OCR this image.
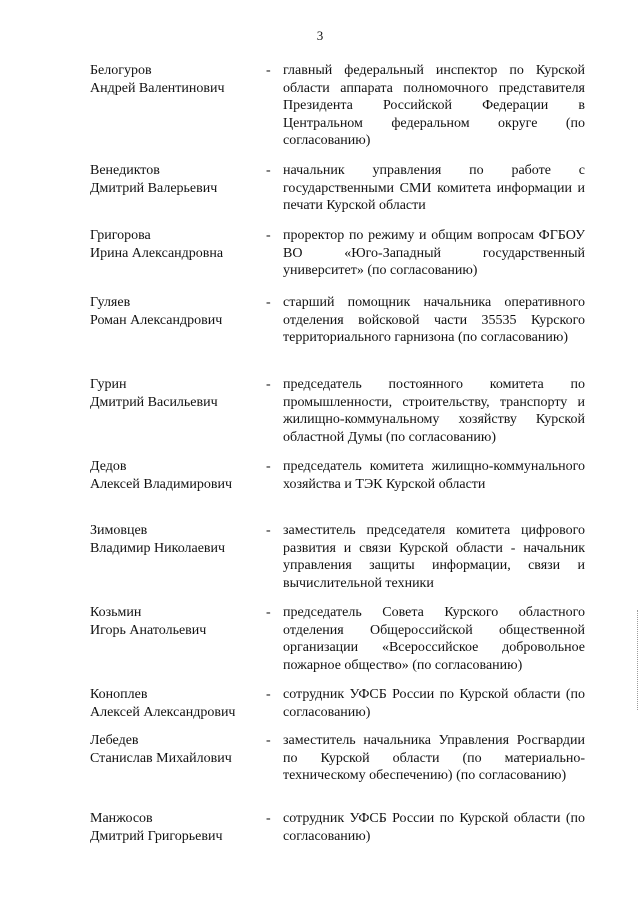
3
Белогуров
Андрей Валентинович
- главный федеральный инспектор по Курской области аппарата полномочного представителя Президента Российской Федерации в Центральном федеральном округе (по согласованию)
Венедиктов
Дмитрий Валерьевич
- начальник управления по работе с государственными СМИ комитета информации и печати Курской области
Григорова
Ирина Александровна
- проректор по режиму и общим вопросам ФГБОУ ВО «Юго-Западный государственный университет» (по согласованию)
Гуляев
Роман Александрович
- старший помощник начальника оперативного отделения войсковой части 35535 Курского территориального гарнизона (по согласованию)
Гурин
Дмитрий Васильевич
- председатель постоянного комитета по промышленности, строительству, транспорту и жилищно-коммунальному хозяйству Курской областной Думы (по согласованию)
Дедов
Алексей Владимирович
- председатель комитета жилищно-коммунального хозяйства и ТЭК Курской области
Зимовцев
Владимир Николаевич
- заместитель председателя комитета цифрового развития и связи Курской области - начальник управления защиты информации, связи и вычислительной техники
Козьмин
Игорь Анатольевич
- председатель Совета Курского областного отделения Общероссийской общественной организации «Всероссийское добровольное пожарное общество» (по согласованию)
Коноплев
Алексей Александрович
- сотрудник УФСБ России по Курской области (по согласованию)
Лебедев
Станислав Михайлович
- заместитель начальника Управления Росгвардии по Курской области (по материально-техническому обеспечению) (по согласованию)
Манжосов
Дмитрий Григорьевич
- сотрудник УФСБ России по Курской области (по согласованию)
